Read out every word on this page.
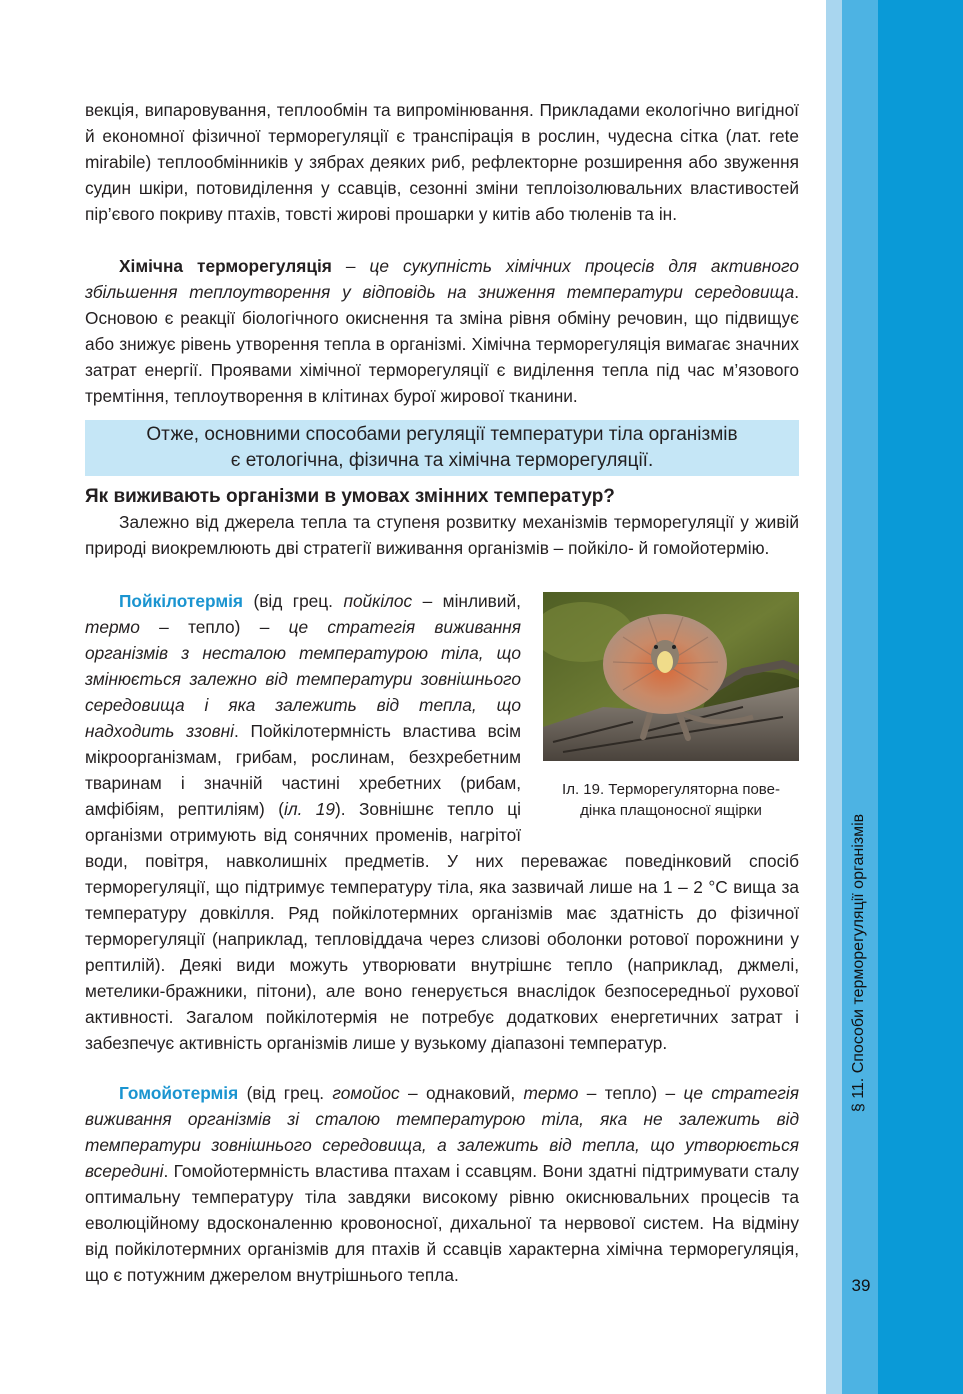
§ 11. Способи терморегуляції організмів
39

векція, випаровування, теплообмін та випромінювання. Прикладами екологічно вигідної й економної фізичної терморегуляції є транспірація в рослин, чудесна сітка (лат. rete mirabile) теплообмінників у зябрах деяких риб, рефлекторне розширення або звуження судин шкіри, потовиділення у ссавців, сезонні зміни теплоізолювальних властивостей пір’євого покриву птахів, товсті жирові прошарки у китів або тюленів та ін.

Хімічна терморегуляція – це сукупність хімічних процесів для активного збільшення теплоутворення у відповідь на зниження температури середовища. Основою є реакції біологічного окиснення та зміна рівня обміну речовин, що підвищує або знижує рівень утворення тепла в організмі. Хімічна терморегуляція вимагає значних затрат енергії. Проявами хімічної терморегуляції є виділення тепла під час м’язового тремтіння, теплоутворення в клітинах бурої жирової тканини.

Отже, основними способами регуляції температури тіла організмів
є етологічна, фізична та хімічна терморегуляції.
Як виживають організми в умовах змінних температур?

Залежно від джерела тепла та ступеня розвитку механізмів терморегуляції у живій природі виокремлюють дві стратегії виживання організмів – пойкіло- й гомойотермію.

Іл. 19. Терморегуляторна пове-
дінка плащоносної ящірки

Пойкілотермія (від грец. пойкілос – мінливий, термо – тепло) – це стратегія виживання організмів з несталою температурою тіла, що змінюється залежно від температури зовнішнього середовища і яка залежить від тепла, що надходить ззовні. Пойкілотермність властива всім мікроорганізмам, грибам, рослинам, безхребетним тваринам і значній частині хребетних (рибам, амфібіям, рептиліям) (іл. 19). Зовнішнє тепло ці організми отримують від сонячних променів, нагрітої води, повітря, навколишніх предметів. У них переважає поведінковий спосіб терморегуляції, що підтримує температуру тіла, яка зазвичай лише на 1 – 2 °С вища за температуру довкілля. Ряд пойкілотермних організмів має здатність до фізичної терморегуляції (наприклад, тепловіддача через слизові оболонки ротової порожнини у рептилій). Деякі види можуть утворювати внутрішнє тепло (наприклад, джмелі, метелики-бражники, пітони), але воно генерується внаслідок безпосередньої рухової активності. Загалом пойкілотермія не потребує додаткових енергетичних затрат і забезпечує активність організмів лише у вузькому діапазоні температур.

Гомойотермія (від грец. гомойос – однаковий, термо – тепло) – це стратегія виживання організмів зі сталою температурою тіла, яка не залежить від температури зовнішнього середовища, а залежить від тепла, що утворюється всередині. Гомойотермність властива птахам і ссавцям. Вони здатні підтримувати сталу оптимальну температуру тіла завдяки високому рівню окиснювальних процесів та еволюційному вдосконаленню кровоносної, дихальної та нервової систем. На відміну від пойкілотермних організмів для птахів й ссавців характерна хімічна терморегуляція, що є потужним джерелом внутрішнього тепла.
